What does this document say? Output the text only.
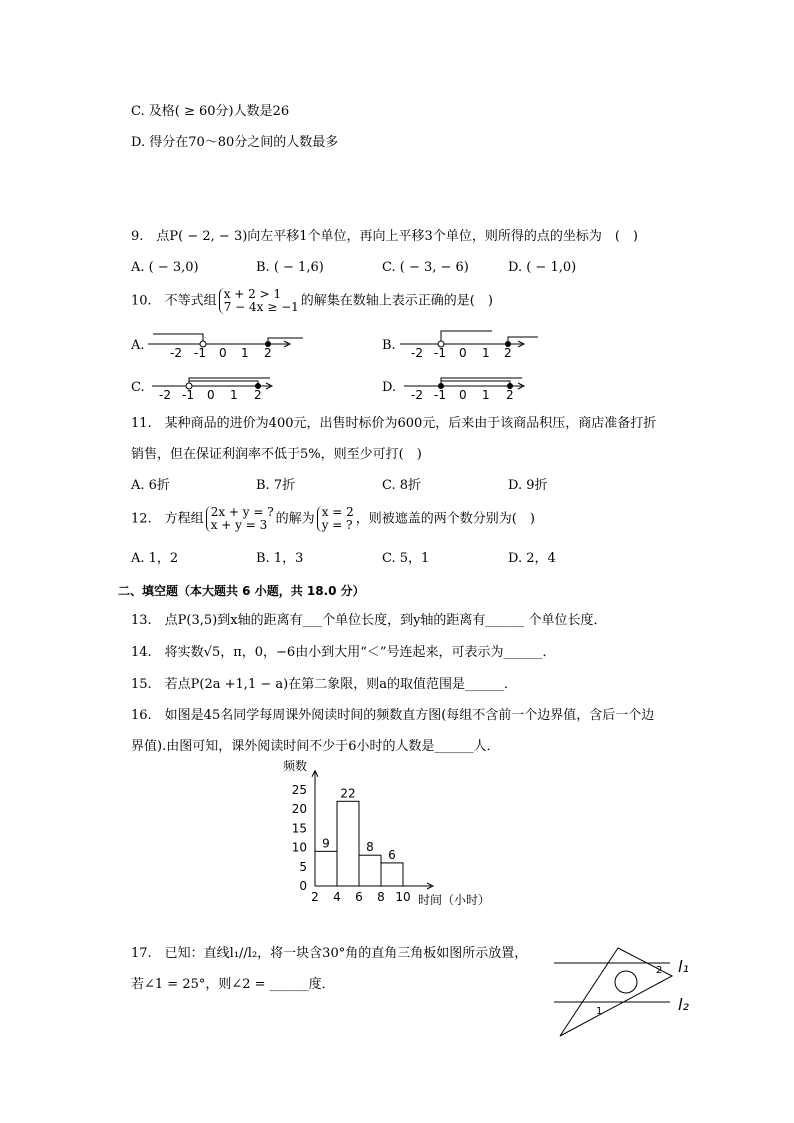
C. 及格( ≥ 60分)人数是26
D. 得分在70～80分之间的人数最多
9.　点P( − 2, − 3)向左平移1个单位，再向上平移3个单位，则所得的点的坐标为　(　)
A. ( − 3,0)	B. ( − 1,6)	C. ( − 3, − 6)	D. ( − 1,0)
10.　不等式组 x + 2 > 1
7 − 4x ≥ −1 的解集在数轴上表示正确的是(　)
A. -2 -1 0 1 2	B. -2 -1 0 1 2
C. -2 -1 0 1 2	D. -2 -1 0 1 2
11.　某种商品的进价为400元，出售时标价为600元，后来由于该商品积压，商店准备打折
销售，但在保证利润率不低于5%，则至少可打(　)
A. 6折	B. 7折	C. 8折	D. 9折
12.　方程组 2x + y = ?
x + y = 3 的解为 x = 2
y = ? ，则被遮盖的两个数分别为(　)
A. 1，2	B. 1，3	C. 5，1	D. 2，4
二、填空题（本大题共 6 小题，共 18.0 分）
13.　点P(3,5)到x轴的距离有___个单位长度，到y轴的距离有______ 个单位长度．
14.　将实数√5，π，0，−6由小到大用“＜”号连起来，可表示为______．
15.　若点P(2a +1,1 − a)在第二象限，则a的取值范围是______．
16.　如图是45名同学每周课外阅读时间的频数直方图(每组不含前一个边界值，含后一个边
界值).由图可知，课外阅读时间不少于6小时的人数是______人．
0
5
10
15
20
25
2 4 6 8 10
9
22
8
6
频数
时间（小时）
17.　已知：直线l₁//l₂，将一块含30°角的直角三角板如图所示放置，
若∠1 = 25°，则∠2 = ______度．
l₁
l₂
1
2
